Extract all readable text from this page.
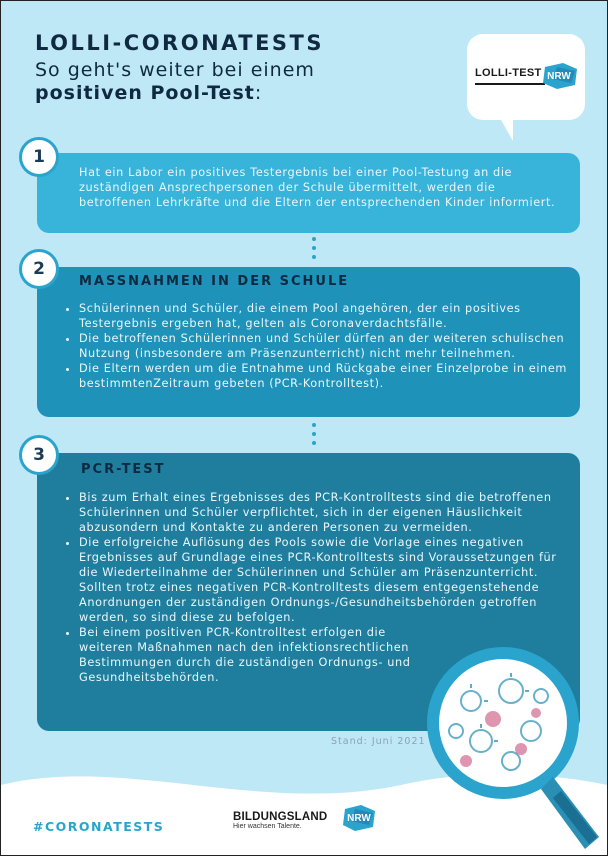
LOLLI-CORONATESTS
So geht's weiter bei einem
positiven Pool-Test:
LOLLI-TEST NRW
1
Hat ein Labor ein positives Testergebnis bei einer Pool-Testung an die zuständigen Ansprechpersonen der Schule übermittelt, werden die betroffenen Lehrkräfte und die Eltern der entsprechenden Kinder informiert.
2
MASSNAHMEN IN DER SCHULE
• Schülerinnen und Schüler, die einem Pool angehören, der ein positives Testergebnis ergeben hat, gelten als Coronaverdachtsfälle.
• Die betroffenen Schülerinnen und Schüler dürfen an der weiteren schulischen Nutzung (insbesondere am Präsenzunterricht) nicht mehr teilnehmen.
• Die Eltern werden um die Entnahme und Rückgabe einer Einzelprobe in einem bestimmtenZeitraum gebeten (PCR-Kontrolltest).
3
PCR-TEST
• Bis zum Erhalt eines Ergebnisses des PCR-Kontrolltests sind die betroffenen Schülerinnen und Schüler verpflichtet, sich in der eigenen Häuslichkeit abzusondern und Kontakte zu anderen Personen zu vermeiden.
• Die erfolgreiche Auflösung des Pools sowie die Vorlage eines negativen Ergebnisses auf Grundlage eines PCR-Kontrolltests sind Voraussetzungen für die Wiederteilnahme der Schülerinnen und Schüler am Präsenzunterricht. Sollten trotz eines negativen PCR-Kontrolltests diesem entgegenstehende Anordnungen der zuständigen Ordnungs-/Gesundheitsbehörden getroffen werden, so sind diese zu befolgen.
• Bei einem positiven PCR-Kontrolltest erfolgen die weiteren Maßnahmen nach den infektionsrechtlichen Bestimmungen durch die zuständigen Ordnungs- und Gesundheitsbehörden.
Stand: Juni 2021
#CORONATESTS
BILDUNGSLAND
Hier wachsen Talente.
NRW
